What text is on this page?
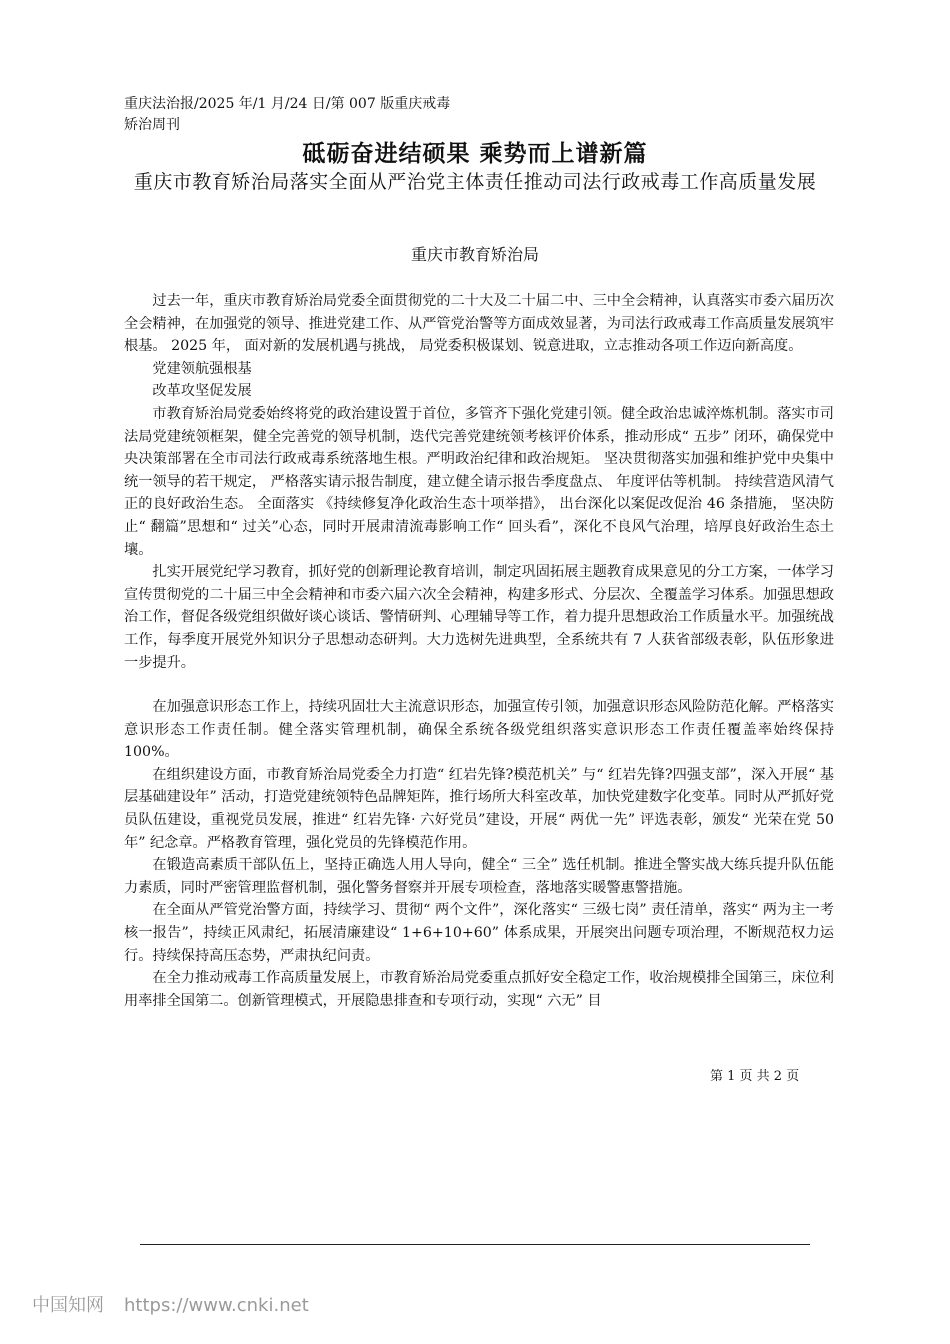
重庆法治报/2025 年/1 月/24 日/第 007 版重庆戒毒矫治周刊
砥砺奋进结硕果 乘势而上谱新篇
重庆市教育矫治局落实全面从严治党主体责任推动司法行政戒毒工作高质量发展
重庆市教育矫治局

过去一年，重庆市教育矫治局党委全面贯彻党的二十大及二十届二中、三中全会精神，认真落实市委六届历次全会精神，在加强党的领导、推进党建工作、从严管党治警等方面成效显著，为司法行政戒毒工作高质量发展筑牢根基。 2025 年， 面对新的发展机遇与挑战， 局党委积极谋划、锐意进取，立志推动各项工作迈向新高度。

党建领航强根基

改革攻坚促发展

市教育矫治局党委始终将党的政治建设置于首位，多管齐下强化党建引领。健全政治忠诚淬炼机制。落实市司法局党建统领框架，健全完善党的领导机制，迭代完善党建统领考核评价体系，推动形成“ 五步” 闭环，确保党中央决策部署在全市司法行政戒毒系统落地生根。严明政治纪律和政治规矩。 坚决贯彻落实加强和维护党中央集中统一领导的若干规定， 严格落实请示报告制度，建立健全请示报告季度盘点、 年度评估等机制。 持续营造风清气正的良好政治生态。 全面落实 《持续修复净化政治生态十项举措》， 出台深化以案促改促治 46 条措施， 坚决防止“ 翻篇”思想和“ 过关”心态，同时开展肃清流毒影响工作“ 回头看”，深化不良风气治理，培厚良好政治生态土壤。

扎实开展党纪学习教育，抓好党的创新理论教育培训，制定巩固拓展主题教育成果意见的分工方案，一体学习宣传贯彻党的二十届三中全会精神和市委六届六次全会精神，构建多形式、分层次、全覆盖学习体系。加强思想政治工作，督促各级党组织做好谈心谈话、警情研判、心理辅导等工作，着力提升思想政治工作质量水平。加强统战工作，每季度开展党外知识分子思想动态研判。大力选树先进典型，全系统共有 7 人获省部级表彰，队伍形象进一步提升。

在加强意识形态工作上，持续巩固壮大主流意识形态，加强宣传引领，加强意识形态风险防范化解。严格落实意识形态工作责任制。健全落实管理机制，确保全系统各级党组织落实意识形态工作责任覆盖率始终保持 100%。

在组织建设方面，市教育矫治局党委全力打造“ 红岩先锋?模范机关” 与“ 红岩先锋?四强支部”，深入开展“ 基层基础建设年” 活动，打造党建统领特色品牌矩阵，推行场所大科室改革，加快党建数字化变革。同时从严抓好党员队伍建设，重视党员发展，推进“ 红岩先锋· 六好党员”建设，开展“ 两优一先” 评选表彰，颁发“ 光荣在党 50 年” 纪念章。严格教育管理，强化党员的先锋模范作用。

在锻造高素质干部队伍上，坚持正确选人用人导向，健全“ 三全” 选任机制。推进全警实战大练兵提升队伍能力素质，同时严密管理监督机制，强化警务督察并开展专项检查，落地落实暖警惠警措施。

在全面从严管党治警方面，持续学习、贯彻“ 两个文件”，深化落实“ 三级七岗” 责任清单，落实“ 两为主一考核一报告”，持续正风肃纪，拓展清廉建设“ 1+6+10+60” 体系成果，开展突出问题专项治理，不断规范权力运行。持续保持高压态势，严肃执纪问责。

在全力推动戒毒工作高质量发展上，市教育矫治局党委重点抓好安全稳定工作，收治规模排全国第三，床位利用率排全国第二。创新管理模式，开展隐患排查和专项行动，实现“ 六无” 目

第 1 页 共 2 页
中国知网 https://www.cnki.net
